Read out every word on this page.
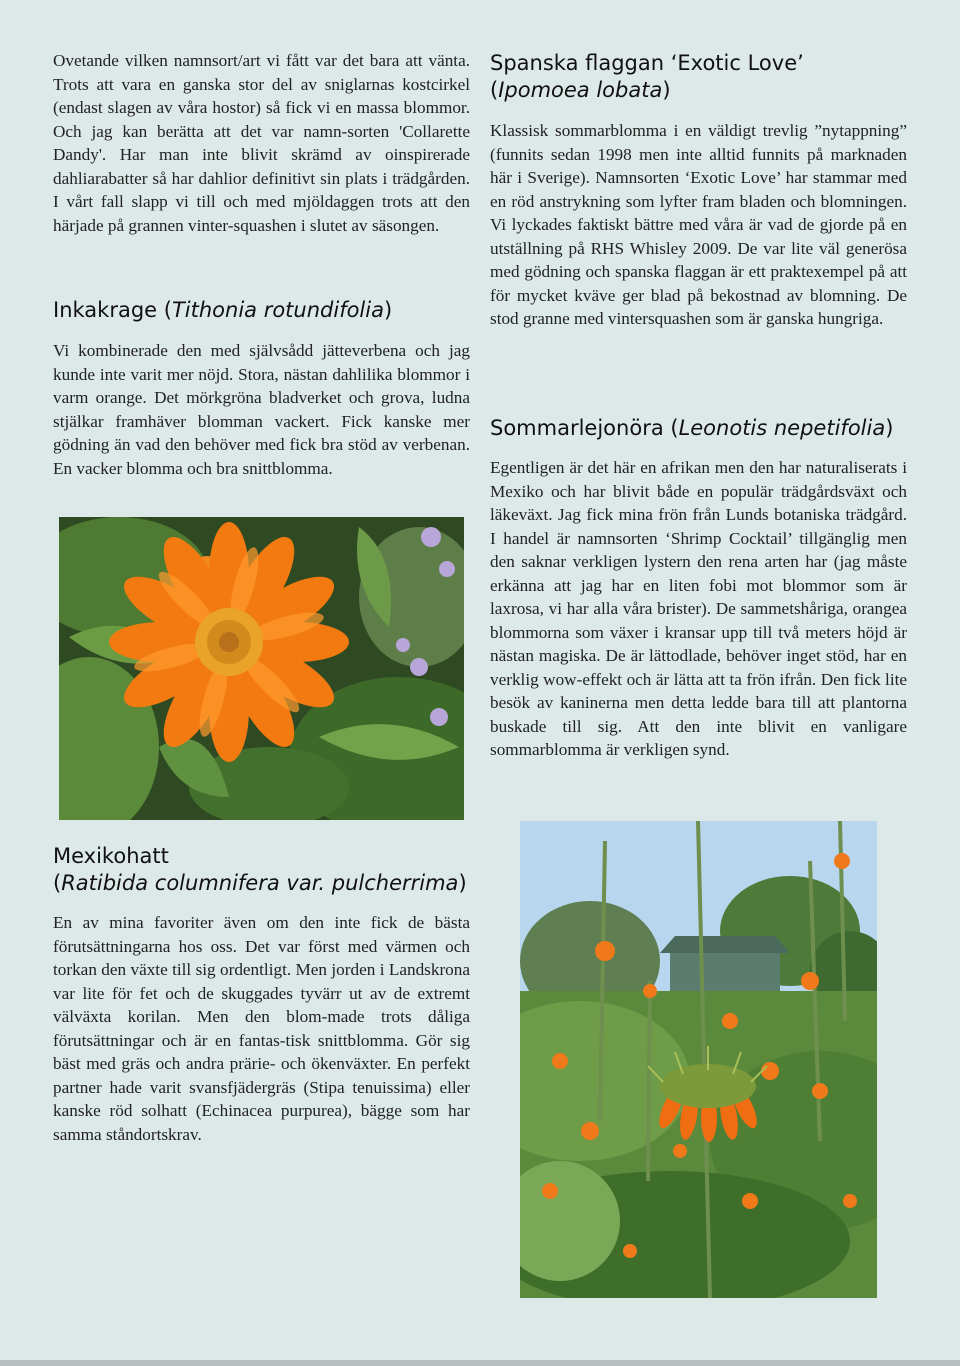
Ovetande vilken namnsort/art vi fått var det bara att vänta. Trots att vara en ganska stor del av sniglarnas kostcirkel (endast slagen av våra hostor) så fick vi en massa blommor. Och jag kan berätta att det var namn-sorten 'Collarette Dandy'. Har man inte blivit skrämd av oinspirerade dahliarabatter så har dahlior definitivt sin plats i trädgården. I vårt fall slapp vi till och med mjöldaggen trots att den härjade på grannen vinter-squashen i slutet av säsongen.

Inkakrage (Tithonia rotundifolia)

Vi kombinerade den med självsådd jätteverbena och jag kunde inte varit mer nöjd. Stora, nästan dahlilika blommor i varm orange. Det mörkgröna bladverket och grova, ludna stjälkar framhäver blomman vackert. Fick kanske mer gödning än vad den behöver med fick bra stöd av verbenan. En vacker blomma och bra snittblomma.

Mexikohatt
(Ratibida columnifera var. pulcherrima)

En av mina favoriter även om den inte fick de bästa förutsättningarna hos oss. Det var först med värmen och torkan den växte till sig ordentligt. Men jorden i Landskrona var lite för fet och de skuggades tyvärr ut av de extremt välväxta korilan. Men den blom-made trots dåliga förutsättningar och är en fantas-tisk snittblomma. Gör sig bäst med gräs och andra prärie- och ökenväxter. En perfekt partner hade varit svansfjädergräs (Stipa tenuissima) eller kanske röd solhatt (Echinacea purpurea), bägge som har samma ståndortskrav.

Spanska flaggan ‘Exotic Love’
(Ipomoea lobata)

Klassisk sommarblomma i en väldigt trevlig ”nytappning” (funnits sedan 1998 men inte alltid funnits på marknaden här i Sverige). Namnsorten ‘Exotic Love’ har stammar med en röd anstrykning som lyfter fram bladen och blomningen. Vi lyckades faktiskt bättre med våra är vad de gjorde på en utställning på RHS Whisley 2009. De var lite väl generösa med gödning och spanska flaggan är ett praktexempel på att för mycket kväve ger blad på bekostnad av blomning. De stod granne med vintersquashen som är ganska hungriga.

Sommarlejonöra (Leonotis nepetifolia)

Egentligen är det här en afrikan men den har naturaliserats i Mexiko och har blivit både en populär trädgårdsväxt och läkeväxt. Jag fick mina frön från Lunds botaniska trädgård. I handel är namnsorten ‘Shrimp Cocktail’ tillgänglig men den saknar verkligen lystern den rena arten har (jag måste erkänna att jag har en liten fobi mot blommor som är laxrosa, vi har alla våra brister). De sammetshåriga, orangea blommorna som växer i kransar upp till två meters höjd är nästan magiska. De är lättodlade, behöver inget stöd, har en verklig wow-effekt och är lätta att ta frön ifrån. Den fick lite besök av kaninerna men detta ledde bara till att plantorna buskade till sig. Att den inte blivit en vanligare sommarblomma är verkligen synd.
